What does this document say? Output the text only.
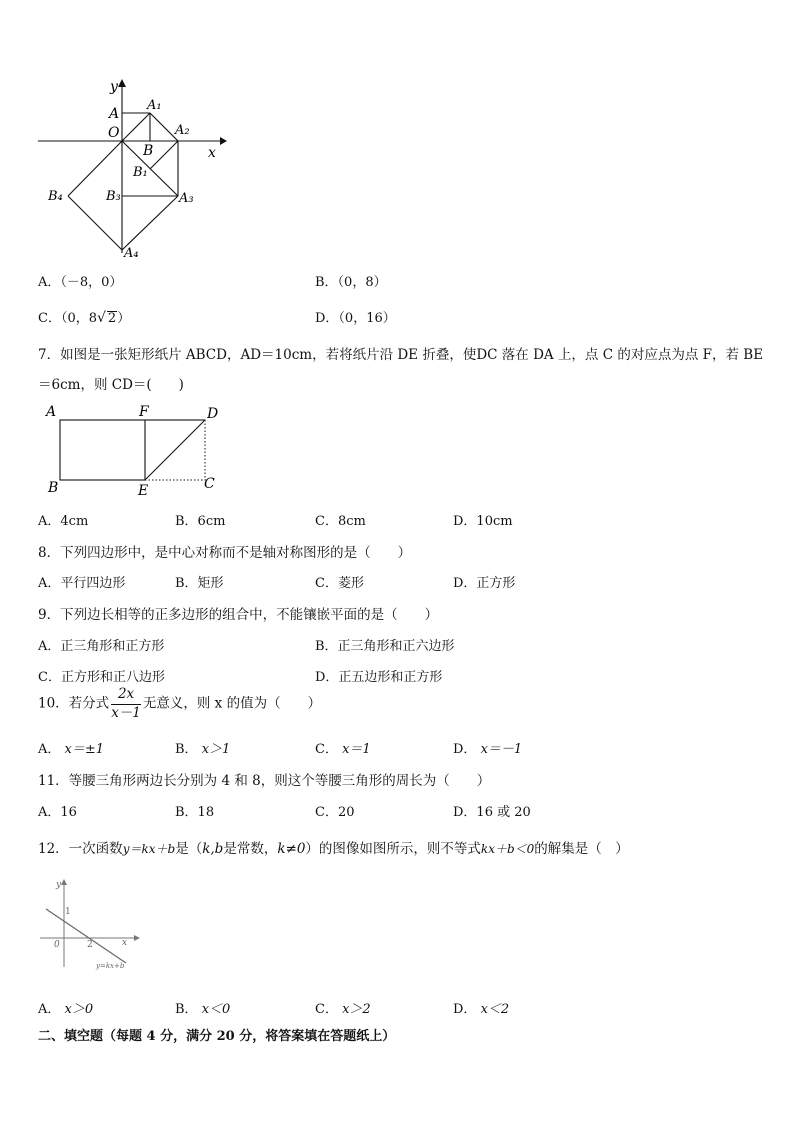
y
x
A
O
A₁
A₂
B
B₁
B₃
B₄	A₃
A₄
A．（－8，0）	B．（0，8）
C．（0，8√ 2）	D．（0，16）
7．如图是一张矩形纸片 ABCD，AD＝10cm，若将纸片沿 DE 折叠，使DC 落在 DA 上，点 C 的对应点为点 F，若 BE
＝6cm，则 CD＝(　　)
A	F	D
B	E	C
A．4cm	B．6cm	C．8cm	D．10cm
8．下列四边形中，是中心对称而不是轴对称图形的是（　　）
A．平行四边形	B．矩形	C．菱形	D．正方形
9．下列边长相等的正多边形的组合中，不能镶嵌平面的是（　　）
A．正三角形和正方形	B．正三角形和正六边形
C．正方形和正八边形	D．正五边形和正方形
10．若分式 $\frac{2x}{x-1}$ 无意义，则 x 的值为（　　）
A． x＝±1	B． x＞1	C． x＝1	D． x＝－1
11．等腰三角形两边长分别为 4 和 8，则这个等腰三角形的周长为（　　）
A．16	B．18	C．20	D．16 或 20
12．一次函数y＝kx＋b是（k,b是常数，k≠0）的图像如图所示，则不等式kx＋b＜0的解集是（　）
y
x
1
0	2
y=kx+b
A． x＞0	B． x＜0	C． x＞2	D． x＜2
二、填空题（每题 4 分，满分 20 分，将答案填在答题纸上）
